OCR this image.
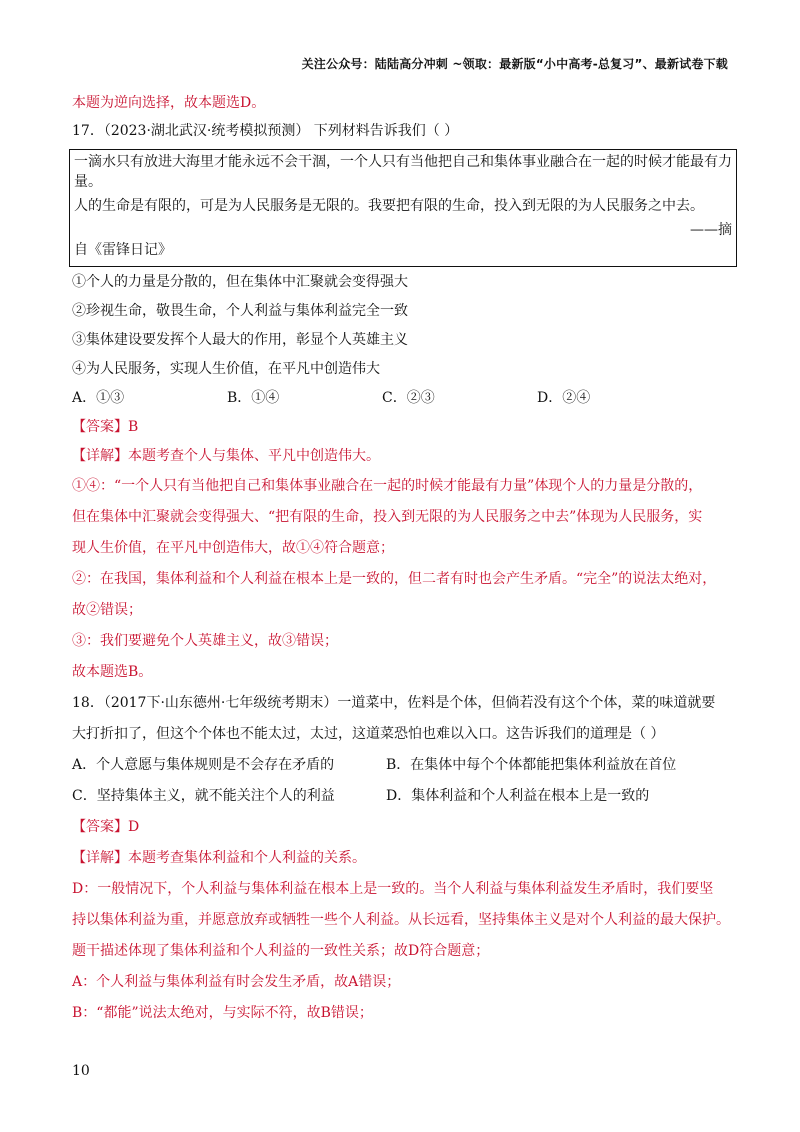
关注公众号：陆陆高分冲刺 ~领取：最新版“小中高考-总复习”、最新试卷下载

本题为逆向选择，故本题选D。

17．（2023·湖北武汉·统考模拟预测） 下列材料告诉我们（ ）

一滴水只有放进大海里才能永远不会干涸，一个人只有当他把自己和集体事业融合在一起的时候才能最有力量。

人的生命是有限的，可是为人民服务是无限的。我要把有限的生命，投入到无限的为人民服务之中去。

——摘

自《雷锋日记》

①个人的力量是分散的，但在集体中汇聚就会变得强大

②珍视生命，敬畏生命，个人利益与集体利益完全一致

③集体建设要发挥个人最大的作用，彰显个人英雄主义

④为人民服务，实现人生价值，在平凡中创造伟大

A．①③	B．①④	C．②③	D．②④

【答案】B

【详解】本题考查个人与集体、平凡中创造伟大。

①④：“一个人只有当他把自己和集体事业融合在一起的时候才能最有力量”体现个人的力量是分散的，

但在集体中汇聚就会变得强大、“把有限的生命，投入到无限的为人民服务之中去”体现为人民服务，实

现人生价值，在平凡中创造伟大，故①④符合题意；

②：在我国，集体利益和个人利益在根本上是一致的，但二者有时也会产生矛盾。“完全”的说法太绝对，

故②错误；

③：我们要避免个人英雄主义，故③错误；

故本题选B。

18．（2017下·山东德州·七年级统考期末）一道菜中，佐料是个体，但倘若没有这个个体，菜的味道就要

大打折扣了，但这个个体也不能太过，太过，这道菜恐怕也难以入口。这告诉我们的道理是（ ）

A．个人意愿与集体规则是不会存在矛盾的	B．在集体中每个个体都能把集体利益放在首位
C．坚持集体主义，就不能关注个人的利益	D．集体利益和个人利益在根本上是一致的

【答案】D

【详解】本题考查集体利益和个人利益的关系。

D：一般情况下，个人利益与集体利益在根本上是一致的。当个人利益与集体利益发生矛盾时，我们要坚

持以集体利益为重，并愿意放弃或牺牲一些个人利益。从长远看，坚持集体主义是对个人利益的最大保护。

题干描述体现了集体利益和个人利益的一致性关系；故D符合题意；

A：个人利益与集体利益有时会发生矛盾，故A错误；

B：“都能”说法太绝对，与实际不符，故B错误；

10
